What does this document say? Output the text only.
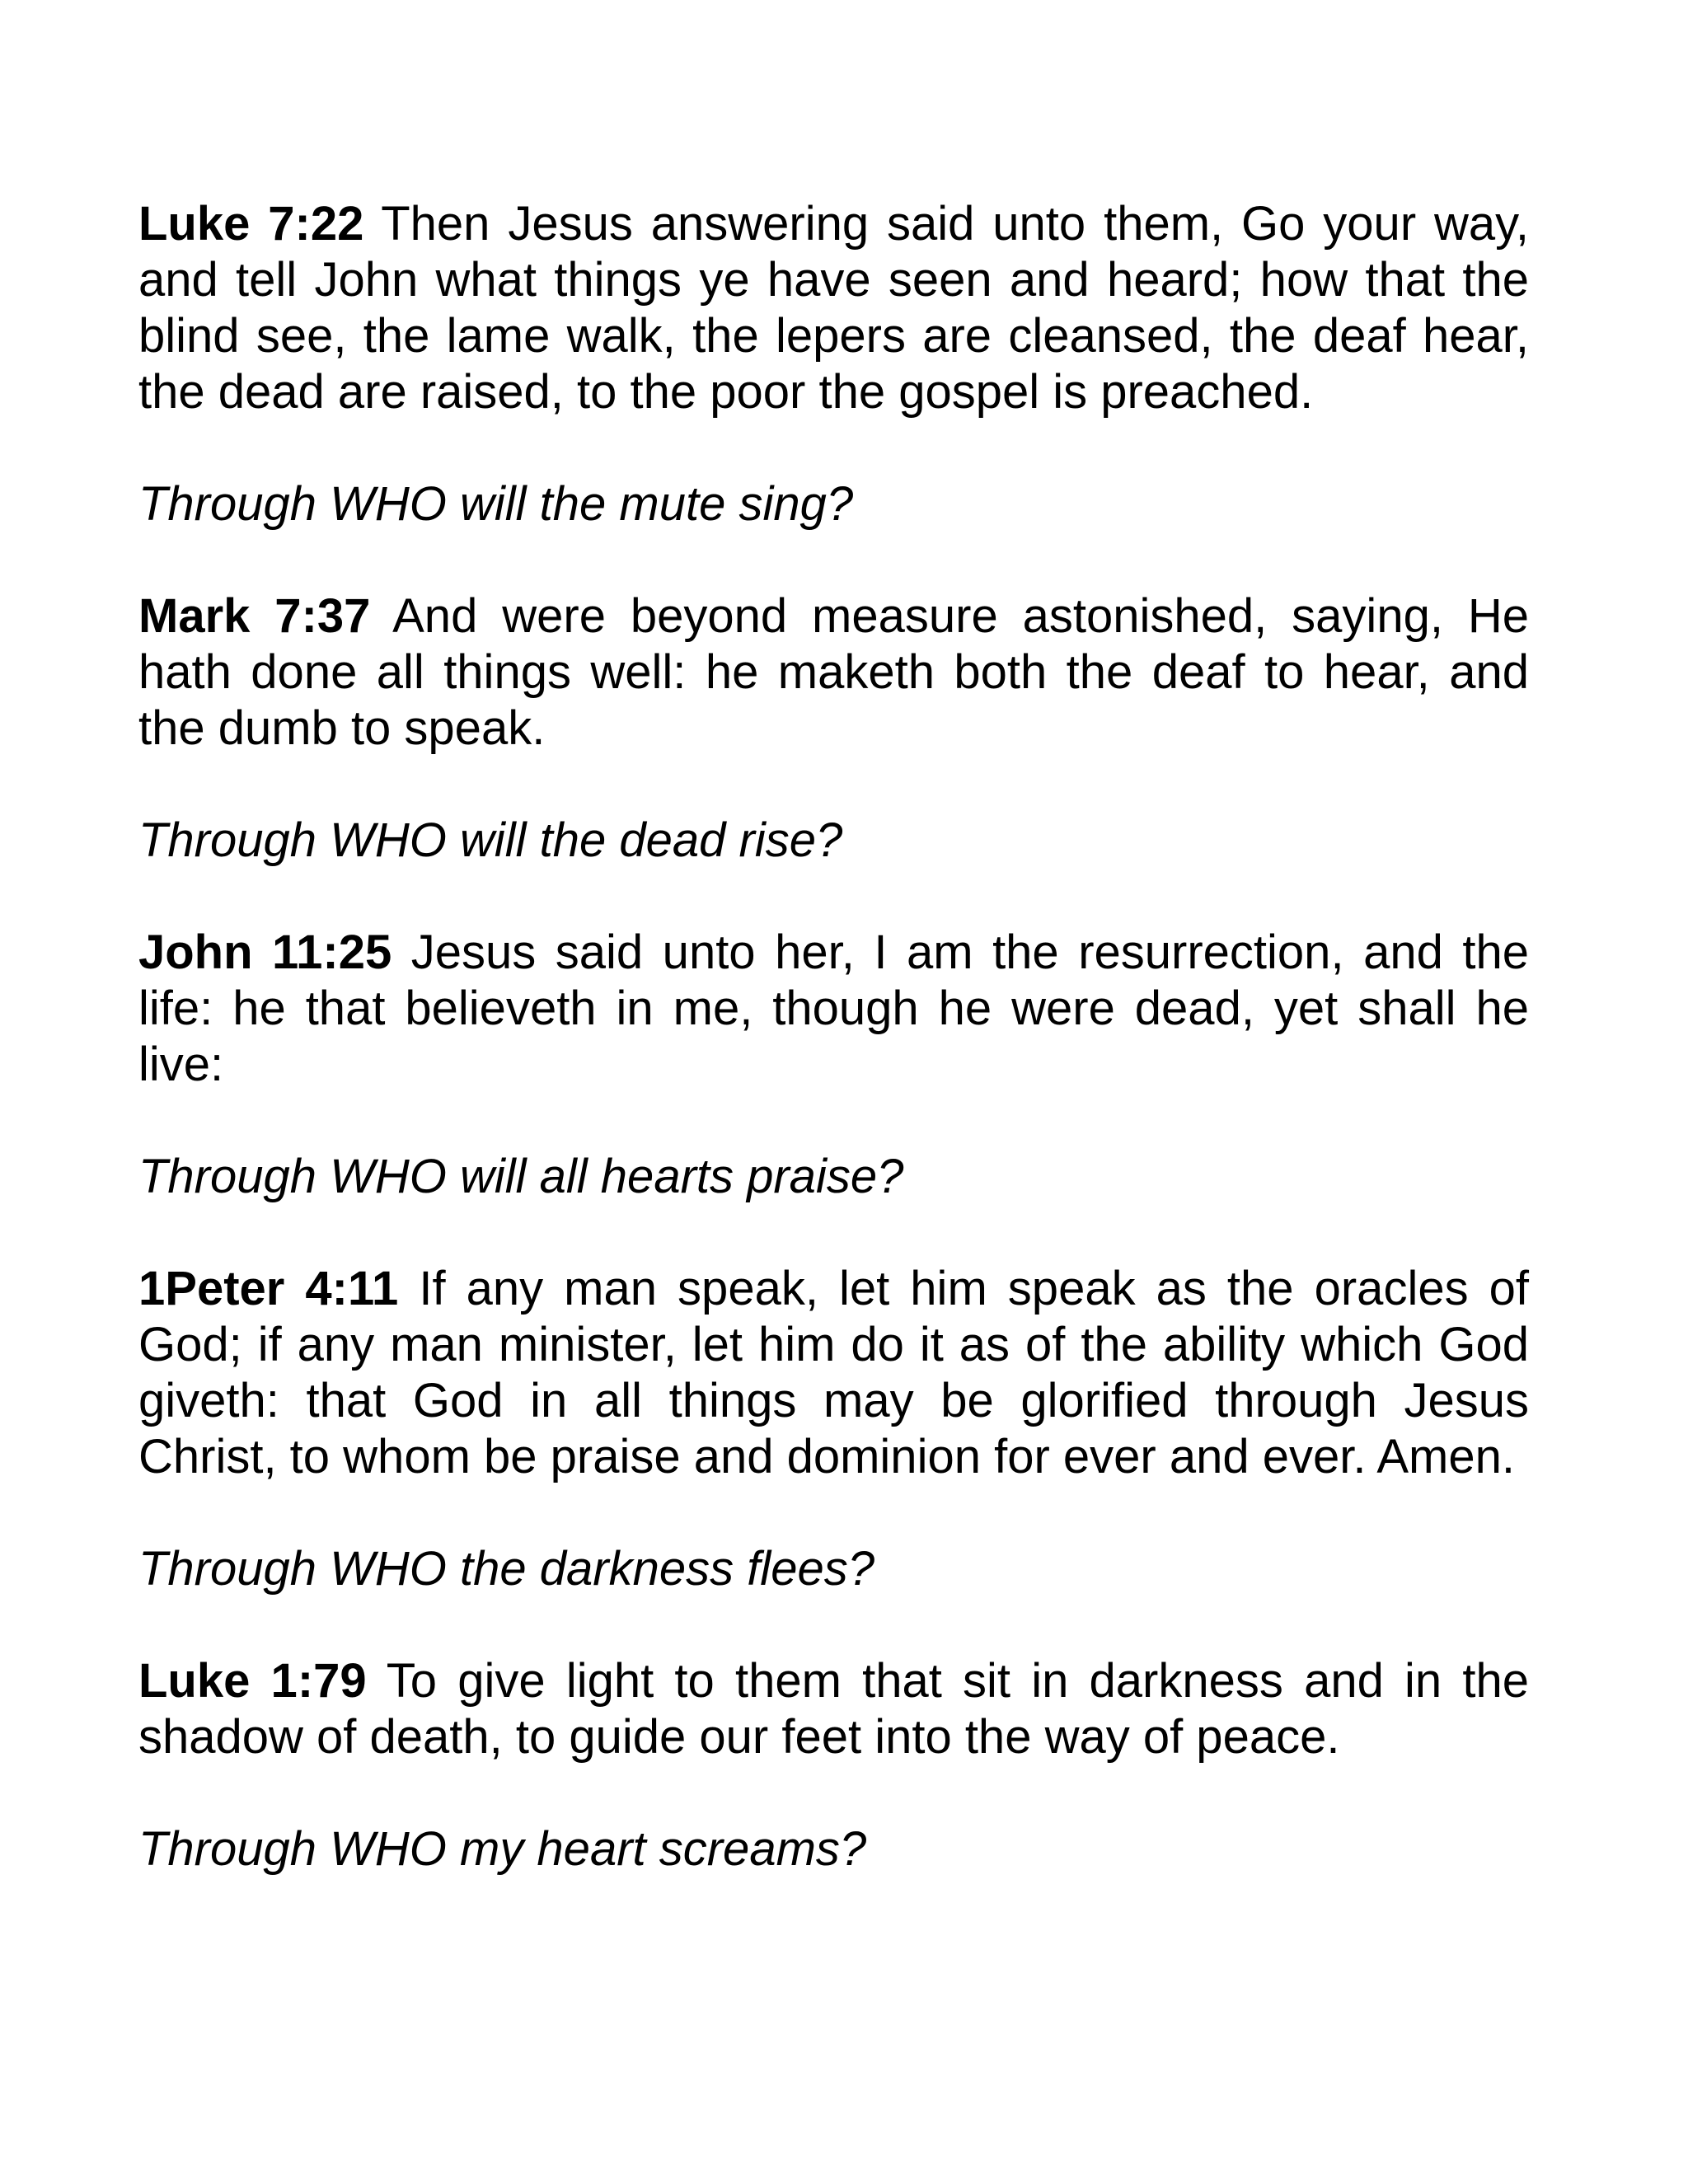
Luke 7:22 Then Jesus answering said unto them, Go your way, and tell John what things ye have seen and heard; how that the blind see, the lame walk, the lepers are cleansed, the deaf hear, the dead are raised, to the poor the gospel is preached.

Through WHO will the mute sing?

Mark 7:37 And were beyond measure astonished, saying, He hath done all things well: he maketh both the deaf to hear, and the dumb to speak.

Through WHO will the dead rise?

John 11:25 Jesus said unto her, I am the resurrection, and the life: he that believeth in me, though he were dead, yet shall he live:

Through WHO will all hearts praise?

1Peter 4:11 If any man speak, let him speak as the oracles of God; if any man minister, let him do it as of the ability which God giveth: that God in all things may be glorified through Jesus Christ, to whom be praise and dominion for ever and ever. Amen.

Through WHO the darkness flees?

Luke 1:79 To give light to them that sit in darkness and in the shadow of death, to guide our feet into the way of peace.

Through WHO my heart screams?
